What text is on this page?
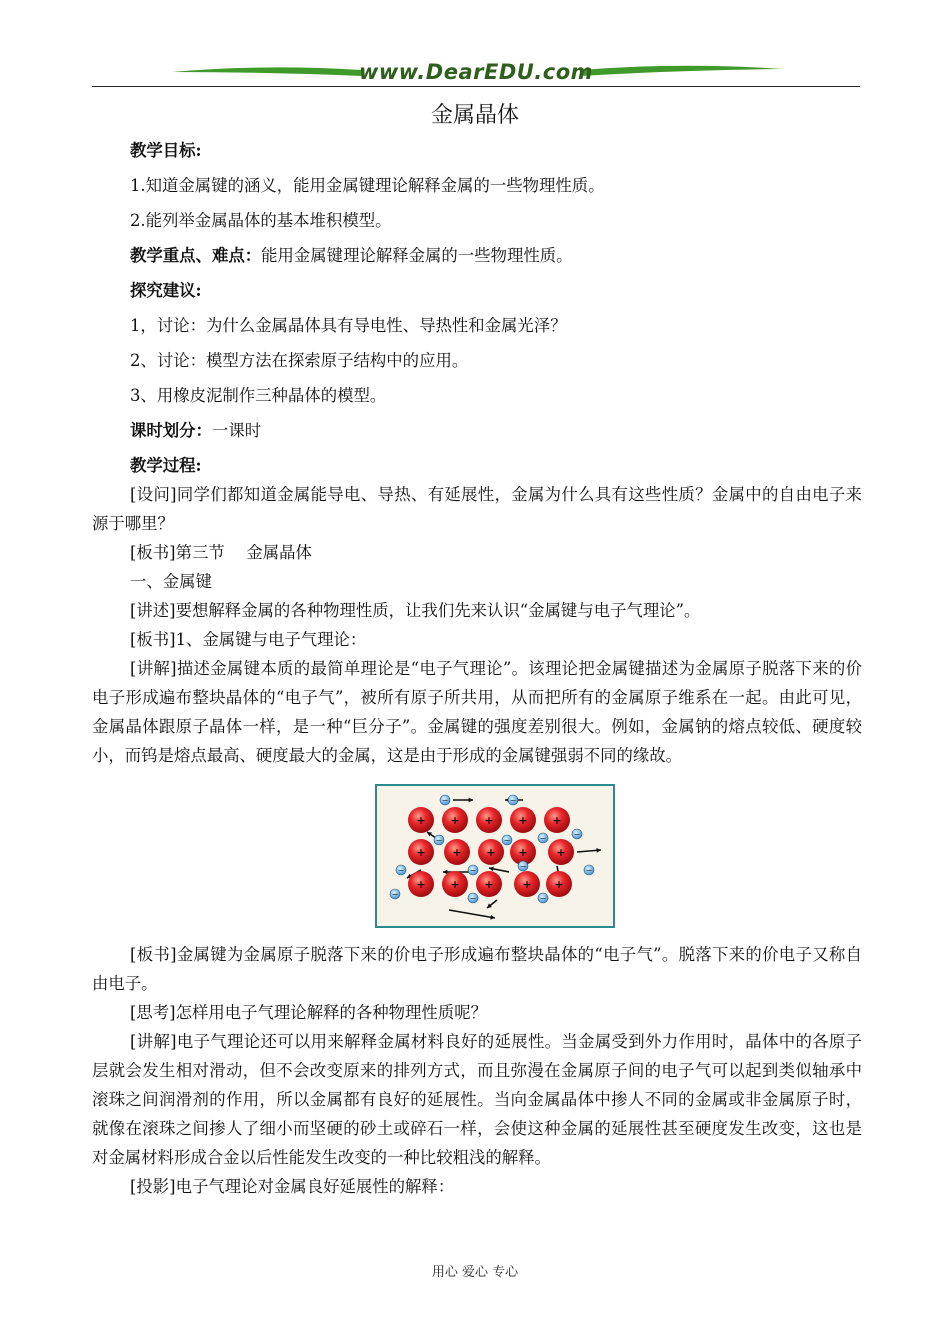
www.DearEDU.com
金属晶体

教学目标:

1.知道金属键的涵义，能用金属键理论解释金属的一些物理性质。

2.能列举金属晶体的基本堆积模型。

教学重点、难点：能用金属键理论解释金属的一些物理性质。

探究建议:

1，讨论：为什么金属晶体具有导电性、导热性和金属光泽？

2、讨论：模型方法在探索原子结构中的应用。

3、用橡皮泥制作三种晶体的模型。

课时划分：一课时

教学过程:

[设问]同学们都知道金属能导电、导热、有延展性，金属为什么具有这些性质？金属中的自由电子来源于哪里？

[板书]第三节　 金属晶体

一、金属键

[讲述]要想解释金属的各种物理性质，让我们先来认识“金属键与电子气理论”。

[板书]1、金属键与电子气理论：

[讲解]描述金属键本质的最简单理论是“电子气理论”。该理论把金属键描述为金属原子脱落下来的价电子形成遍布整块晶体的“电子气”，被所有原子所共用，从而把所有的金属原子维系在一起。由此可见，金属晶体跟原子晶体一样，是一种“巨分子”。金属键的强度差别很大。例如，金属钠的熔点较低、硬度较小，而钨是熔点最高、硬度最大的金属，这是由于形成的金属键强弱不同的缘故。

+ + + + +
+ + + +	+
+ + +	+ +
−	−
−
−
−
−	−
−
−
−
−
−
−

[板书]金属键为金属原子脱落下来的价电子形成遍布整块晶体的“电子气”。脱落下来的价电子又称自由电子。

[思考]怎样用电子气理论解释的各种物理性质呢？

[讲解]电子气理论还可以用来解释金属材料良好的延展性。当金属受到外力作用时，晶体中的各原子层就会发生相对滑动，但不会改变原来的排列方式，而且弥漫在金属原子间的电子气可以起到类似轴承中滚珠之间润滑剂的作用，所以金属都有良好的延展性。当向金属晶体中掺人不同的金属或非金属原子时，就像在滚珠之间掺人了细小而坚硬的砂土或碎石一样，会使这种金属的延展性甚至硬度发生改变，这也是对金属材料形成合金以后性能发生改变的一种比较粗浅的解释。

[投影]电子气理论对金属良好延展性的解释：

用心 爱心 专心
